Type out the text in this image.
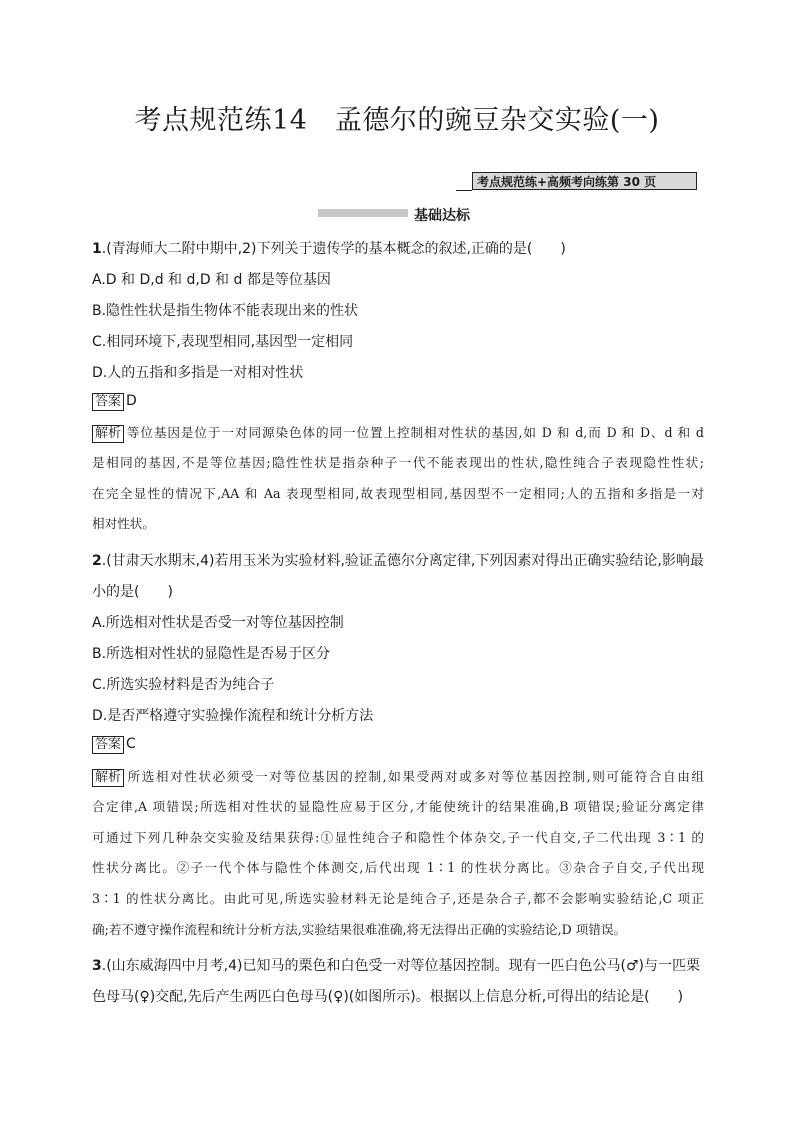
考点规范练14　孟德尔的豌豆杂交实验(一)
考点规范练+高频考向练第 30 页
基础达标
1.(青海师大二附中期中,2)下列关于遗传学的基本概念的叙述,正确的是(　　)
A.D 和 D,d 和 d,D 和 d 都是等位基因
B.隐性性状是指生物体不能表现出来的性状
C.相同环境下,表现型相同,基因型一定相同
D.人的五指和多指是一对相对性状
答案 D
解析 等位基因是位于一对同源染色体的同一位置上控制相对性状的基因,如 D 和 d,而 D 和 D、d 和 d
是相同的基因,不是等位基因;隐性性状是指杂种子一代不能表现出的性状,隐性纯合子表现隐性性状;
在完全显性的情况下,AA 和 Aa 表现型相同,故表现型相同,基因型不一定相同;人的五指和多指是一对
相对性状。
2.(甘肃天水期末,4)若用玉米为实验材料,验证孟德尔分离定律,下列因素对得出正确实验结论,影响最
小的是(　　)
A.所选相对性状是否受一对等位基因控制
B.所选相对性状的显隐性是否易于区分
C.所选实验材料是否为纯合子
D.是否严格遵守实验操作流程和统计分析方法
答案 C
解析 所选相对性状必须受一对等位基因的控制,如果受两对或多对等位基因控制,则可能符合自由组
合定律,A 项错误;所选相对性状的显隐性应易于区分,才能使统计的结果准确,B 项错误;验证分离定律
可通过下列几种杂交实验及结果获得:①显性纯合子和隐性个体杂交,子一代自交,子二代出现 3∶1 的
性状分离比。②子一代个体与隐性个体测交,后代出现 1∶1 的性状分离比。③杂合子自交,子代出现
3∶1 的性状分离比。由此可见,所选实验材料无论是纯合子,还是杂合子,都不会影响实验结论,C 项正
确;若不遵守操作流程和统计分析方法,实验结果很难准确,将无法得出正确的实验结论,D 项错误。
3.(山东威海四中月考,4)已知马的栗色和白色受一对等位基因控制。现有一匹白色公马(♂)与一匹栗
色母马(♀)交配,先后产生两匹白色母马(♀)(如图所示)。根据以上信息分析,可得出的结论是(　　)
